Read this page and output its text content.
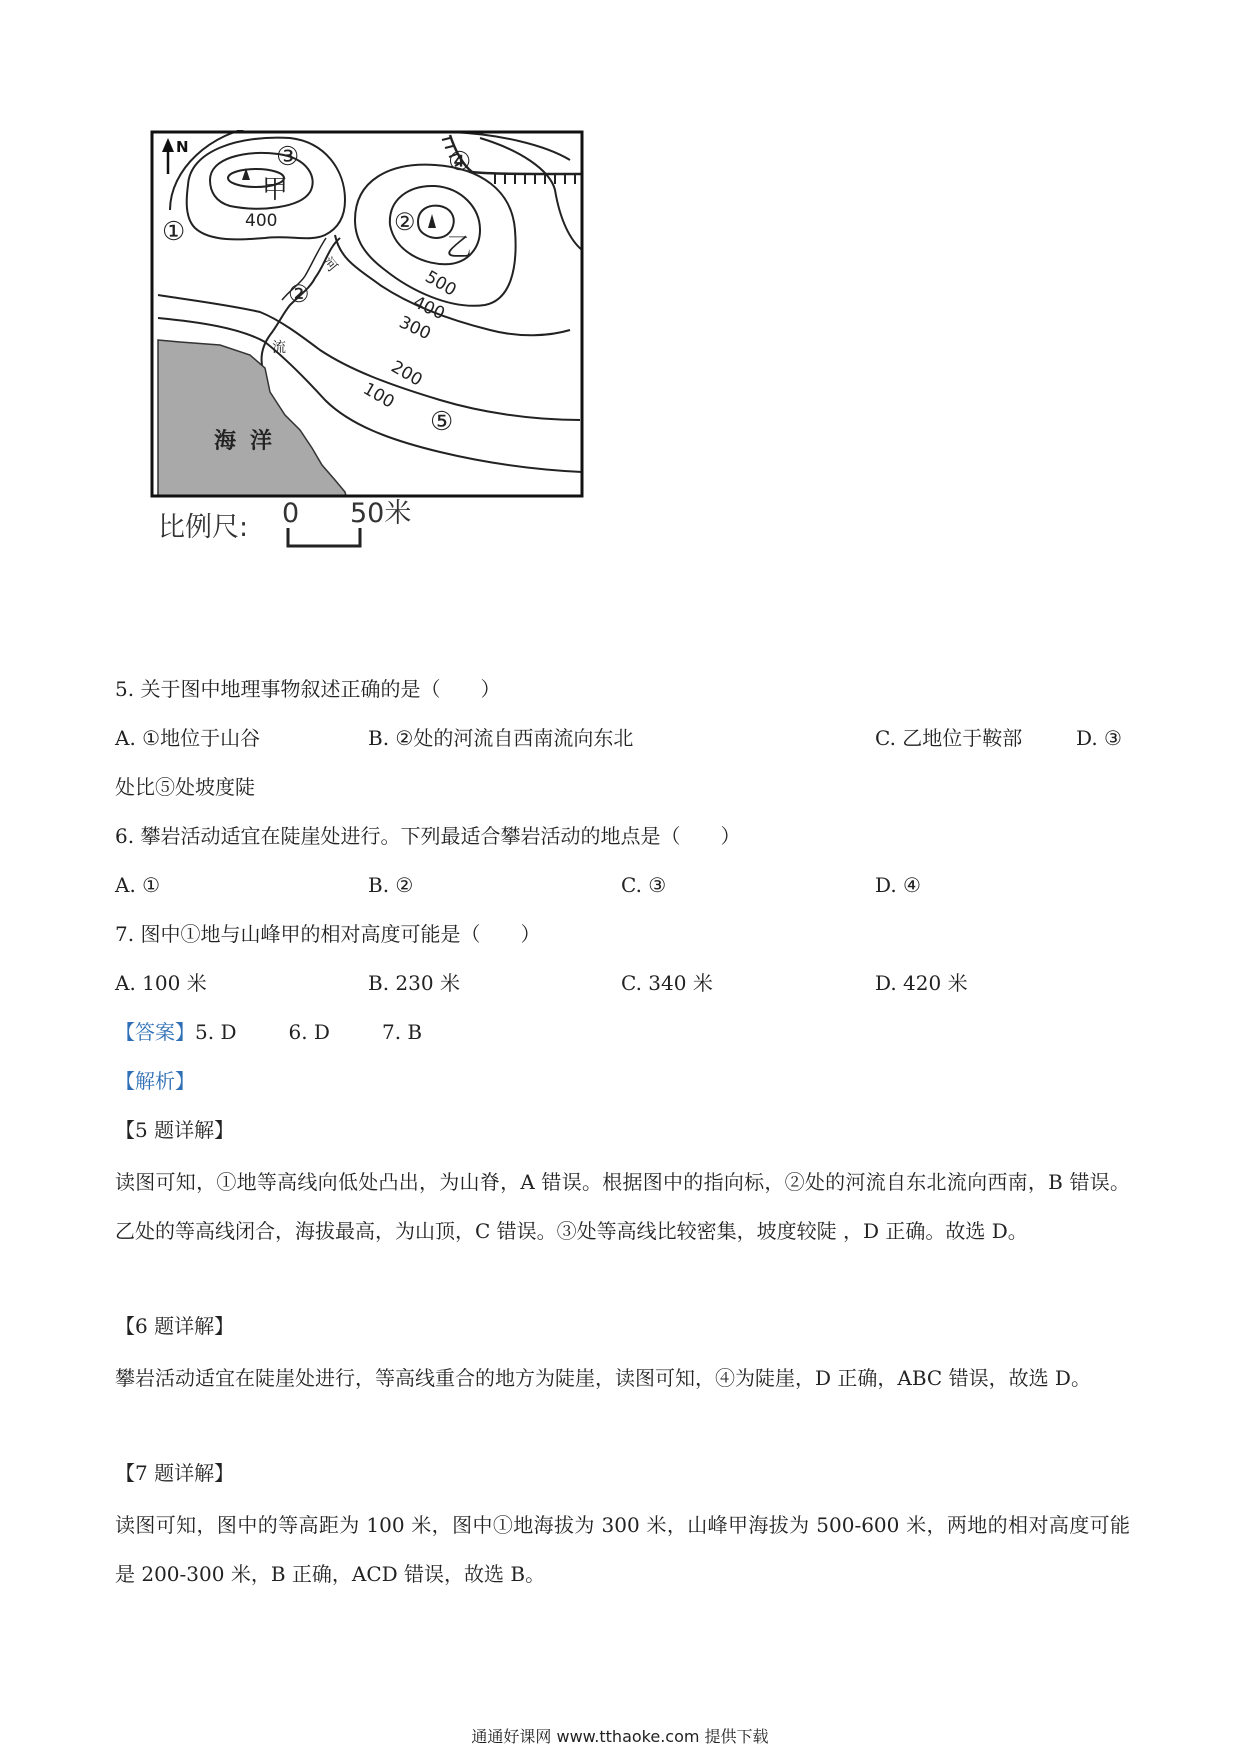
N	③
①	②
②
④
⑤
甲
乙
400
500
400
300
200
100
河
流
海洋
比例尺: 0 50米
5. 关于图中地理事物叙述正确的是（　　）
A. ①地位于山谷	B. ②处的河流自西南流向东北	C. 乙地位于鞍部	D. ③
处比⑤处坡度陡
6. 攀岩活动适宜在陡崖处进行。下列最适合攀岩活动的地点是（　　）
A. ①	B. ②	C. ③	D. ④
7. 图中①地与山峰甲的相对高度可能是（　　）
A. 100 米	B. 230 米	C. 340 米	D. 420 米
【答案】5. D	6. D	7. B
【解析】
【5 题详解】
读图可知，①地等高线向低处凸出，为山脊，A 错误。根据图中的指向标，②处的河流自东北流向西南，B 错误。乙处的等高线闭合，海拔最高，为山顶，C 错误。③处等高线比较密集，坡度较陡 ，D 正确。故选 D。
【6 题详解】
攀岩活动适宜在陡崖处进行，等高线重合的地方为陡崖，读图可知，④为陡崖，D 正确，ABC 错误，故选 D。
【7 题详解】
读图可知，图中的等高距为 100 米，图中①地海拔为 300 米，山峰甲海拔为 500-600 米，两地的相对高度可能是 200-300 米，B 正确，ACD 错误，故选 B。
通通好课网 www.tthaoke.com 提供下载
